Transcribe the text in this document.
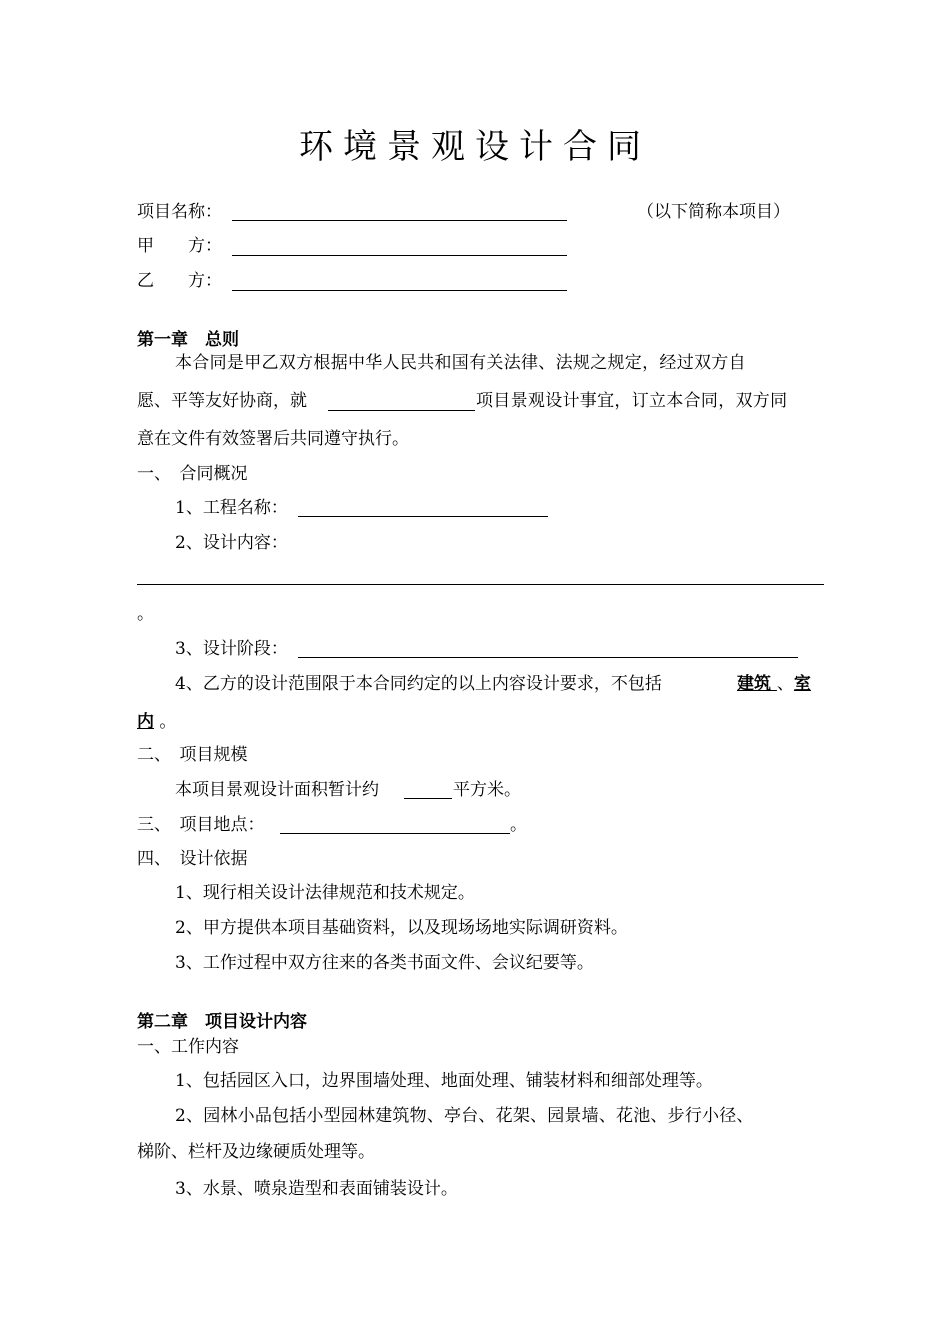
环境景观设计合同
项目名称：	（以下简称本项目）
甲　　方：
乙　　方：
第一章　总则
本合同是甲乙双方根据中华人民共和国有关法律、法规之规定，经过双方自
愿、平等友好协商，就	项目景观设计事宜，订立本合同，双方同
意在文件有效签署后共同遵守执行。
一、　合同概况
1、工程名称：
2、设计内容：
。
3、设计阶段：
4、乙方的设计范围限于本合同约定的以上内容设计要求，不包括	建筑 、室
内 。
二、　项目规模
本项目景观设计面积暂计约	平方米。
三、　项目地点：	。
四、　设计依据
1、现行相关设计法律规范和技术规定。
2、甲方提供本项目基础资料，以及现场场地实际调研资料。
3、工作过程中双方往来的各类书面文件、会议纪要等。
第二章　项目设计内容
一、工作内容
1、包括园区入口，边界围墙处理、地面处理、铺装材料和细部处理等。
2、园林小品包括小型园林建筑物、亭台、花架、园景墙、花池、步行小径、
梯阶、栏杆及边缘硬质处理等。
3、水景、喷泉造型和表面铺装设计。
